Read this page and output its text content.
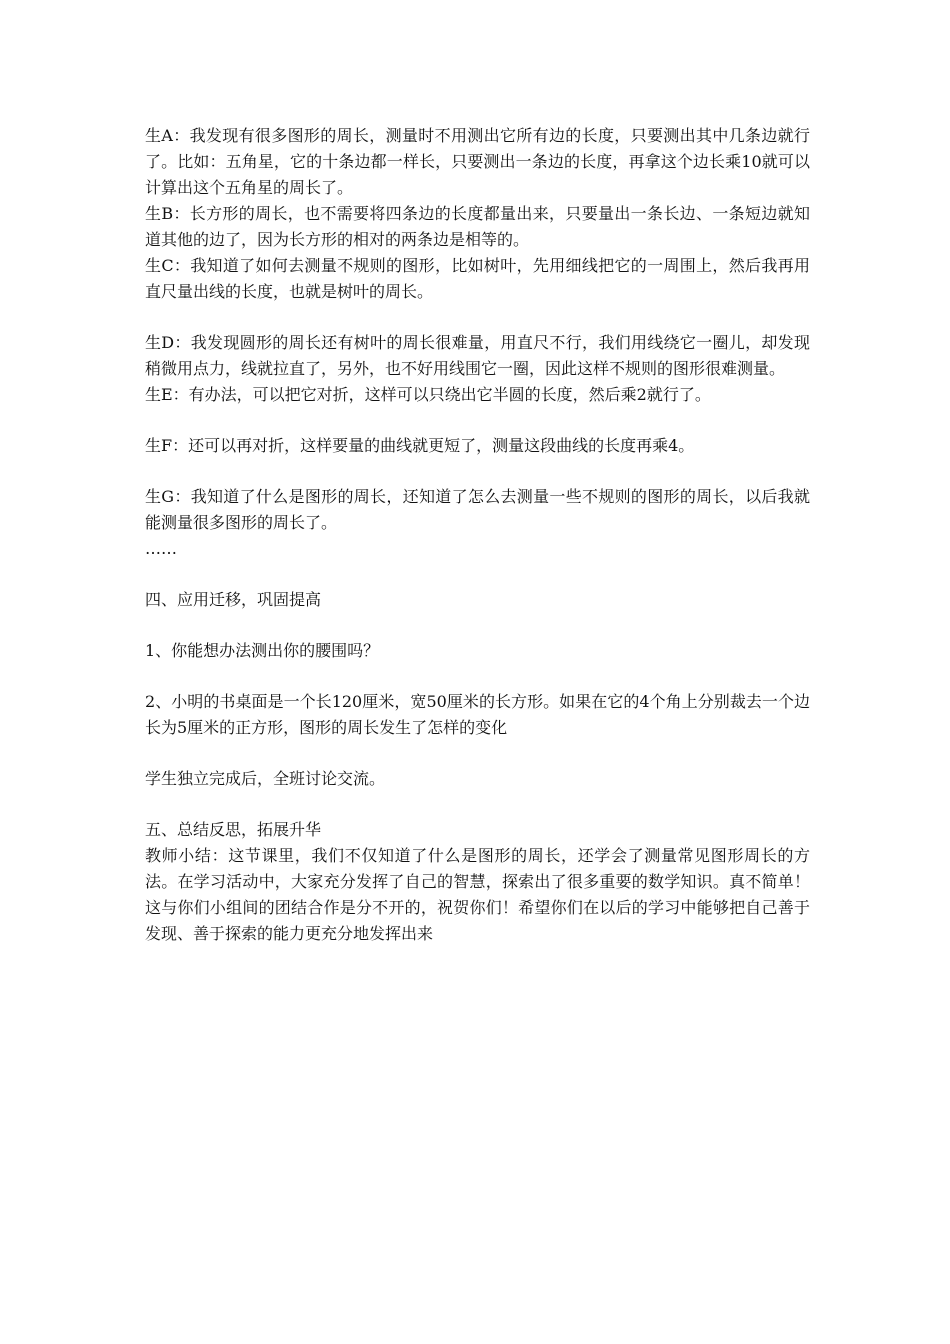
生A：我发现有很多图形的周长，测量时不用测出它所有边的长度，只要测出其中几条边就行了。比如：五角星，它的十条边都一样长，只要测出一条边的长度，再拿这个边长乘10就可以计算出这个五角星的周长了。

生B：长方形的周长，也不需要将四条边的长度都量出来，只要量出一条长边、一条短边就知道其他的边了，因为长方形的相对的两条边是相等的。

生C：我知道了如何去测量不规则的图形，比如树叶，先用细线把它的一周围上，然后我再用直尺量出线的长度，也就是树叶的周长。

生D：我发现圆形的周长还有树叶的周长很难量，用直尺不行，我们用线绕它一圈儿，却发现稍微用点力，线就拉直了，另外，也不好用线围它一圈，因此这样不规则的图形很难测量。

生E：有办法，可以把它对折，这样可以只绕出它半圆的长度，然后乘2就行了。

生F：还可以再对折，这样要量的曲线就更短了，测量这段曲线的长度再乘4。

生G：我知道了什么是图形的周长，还知道了怎么去测量一些不规则的图形的周长，以后我就能测量很多图形的周长了。

……

四、应用迁移，巩固提高

1、你能想办法测出你的腰围吗？

2、小明的书桌面是一个长120厘米，宽50厘米的长方形。如果在它的4个角上分别裁去一个边长为5厘米的正方形，图形的周长发生了怎样的变化

学生独立完成后，全班讨论交流。

五、总结反思，拓展升华

教师小结：这节课里，我们不仅知道了什么是图形的周长，还学会了测量常见图形周长的方法。在学习活动中，大家充分发挥了自己的智慧，探索出了很多重要的数学知识。真不简单！这与你们小组间的团结合作是分不开的，祝贺你们！希望你们在以后的学习中能够把自己善于发现、善于探索的能力更充分地发挥出来
